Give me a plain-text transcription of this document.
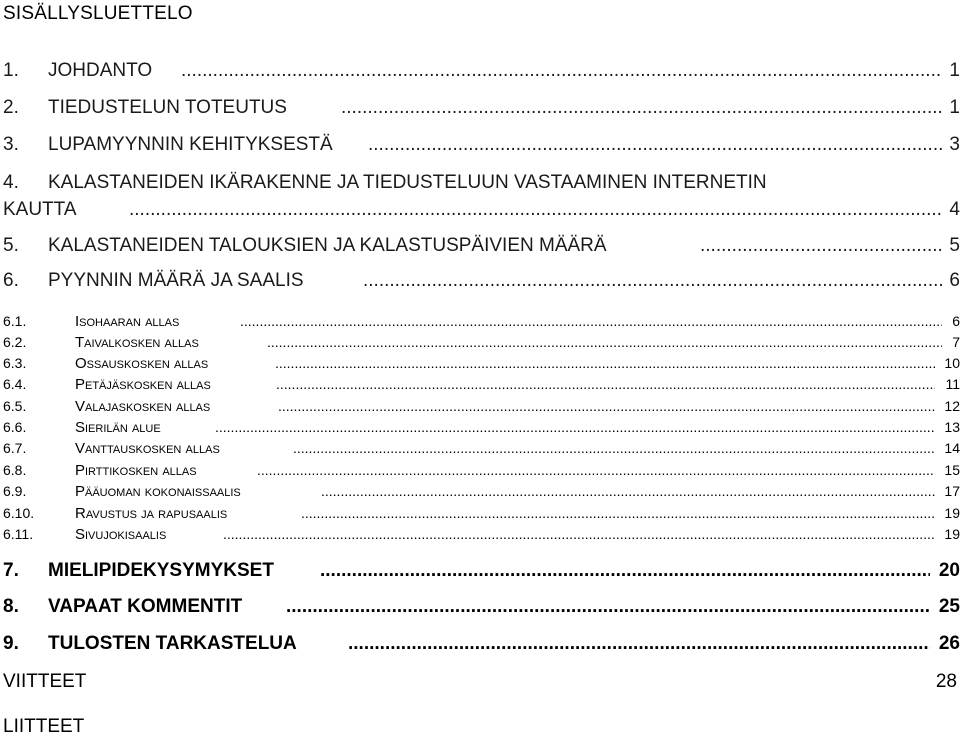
SISÄLLYSLUETTELO
1. JOHDANTO .....	1
2. TIEDUSTELUN TOTEUTUS .....	1
3. LUPAMYYNNIN KEHITYKSESTÄ .....	3
4. KALASTANEIDEN IKÄRAKENNE JA TIEDUSTELUUN VASTAAMINEN INTERNETIN
KAUTTA .....	4
5. KALASTANEIDEN TALOUKSIEN JA KALASTUSPÄIVIEN MÄÄRÄ .....	5
6. PYYNNIN MÄÄRÄ JA SAALIS .....	6
6.1.	Isohaaran allas .....	6
6.2.	Taivalkosken allas .....	7
6.3.	Ossauskosken allas .....	10
6.4.	Petäjäskosken allas .....	11
6.5.	Valajaskosken allas .....	12
6.6.	Sierilän alue .....	13
6.7.	Vanttauskosken allas .....	14
6.8.	Pirttikosken allas .....	15
6.9.	Pääuoman kokonaissaalis .....	17
6.10.	Ravustus ja rapusaalis .....	19
6.11.	Sivujokisaalis .....	19
7. MIELIPIDEKYSYMYKSET .....	20
8. VAPAAT KOMMENTIT .....	25
9. TULOSTEN TARKASTELUA .....	26
VIITTEET	28
LIITTEET
